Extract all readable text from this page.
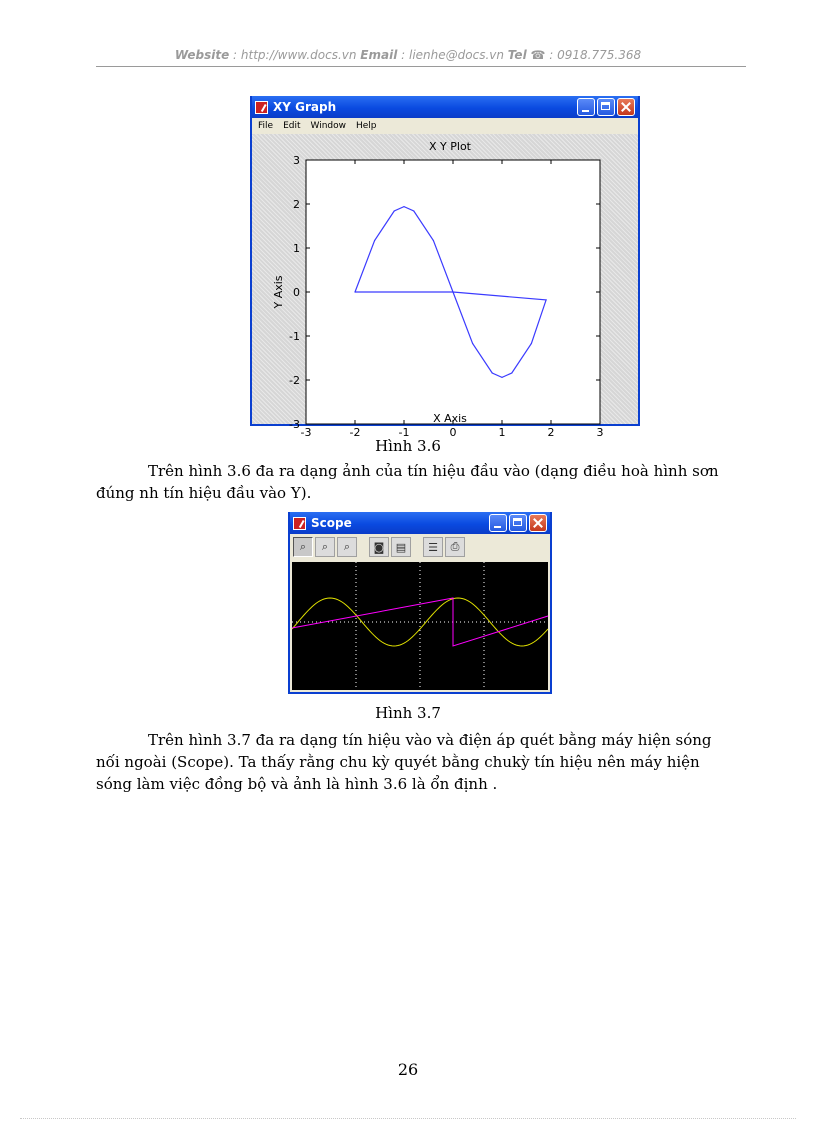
Website : http://www.docs.vn Email : lienhe@docs.vn Tel ☎ : 0918.775.368
XY Graph
File Edit Window Help
X Y Plot
-3	-2	-1	0	1	2	3
3
2
1
0
-1
-2
-3	X Axis
Y Axis
Hình 3.6

Trên hình 3.6 đa ra dạng ảnh của tín hiệu đầu vào (dạng điều hoà hình sơn đúng nh tín hiệu đầu vào Y).

Scope
⌕	⌕	⌕	◙	▤	☰	⎙
Hình 3.7

Trên hình 3.7 đa ra dạng tín hiệu vào và điện áp quét bằng máy hiện sóng nối ngoài (Scope). Ta thấy rằng chu kỳ quyét bằng chukỳ tín hiệu nên máy hiện sóng làm việc đồng bộ và ảnh là hình 3.6 là ổn định .

26
